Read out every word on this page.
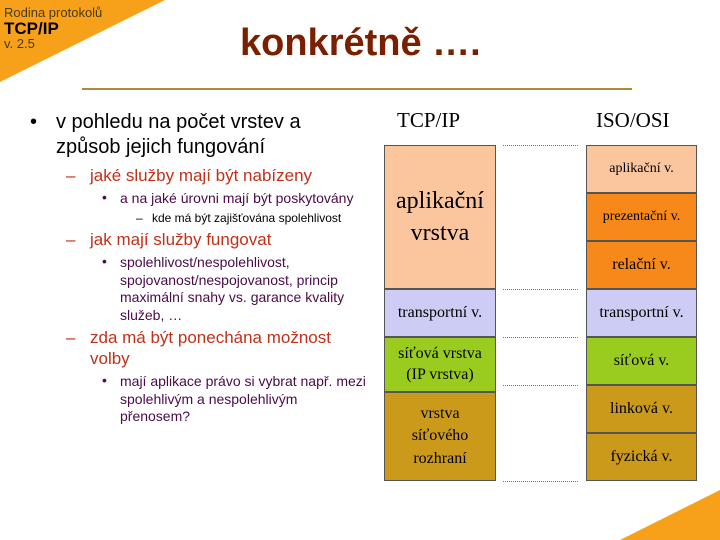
Rodina protokolů
TCP/IP
v. 2.5	konkrétně ….
• v pohledu na počet vrstev a způsob jejich fungování
– jaké služby mají být nabízeny
• a na jaké úrovni mají být poskytovány
– kde má být zajišťována spolehlivost
– jak mají služby fungovat
• spolehlivost/nespolehlivost, spojovanost/nespojovanost, princip maximální snahy vs. garance kvality služeb, …
– zda má být ponechána možnost volby
• mají aplikace právo si vybrat např. mezi spolehlivým a nespolehlivým přenosem?
TCP/IP	ISO/OSI
aplikační vrstva
transportní v.
síťová vrstva (IP vrstva)
vrstva síťového rozhraní
aplikační v.
prezentační v.
relační v.
transportní v.
síťová v.
linková v.
fyzická v.
